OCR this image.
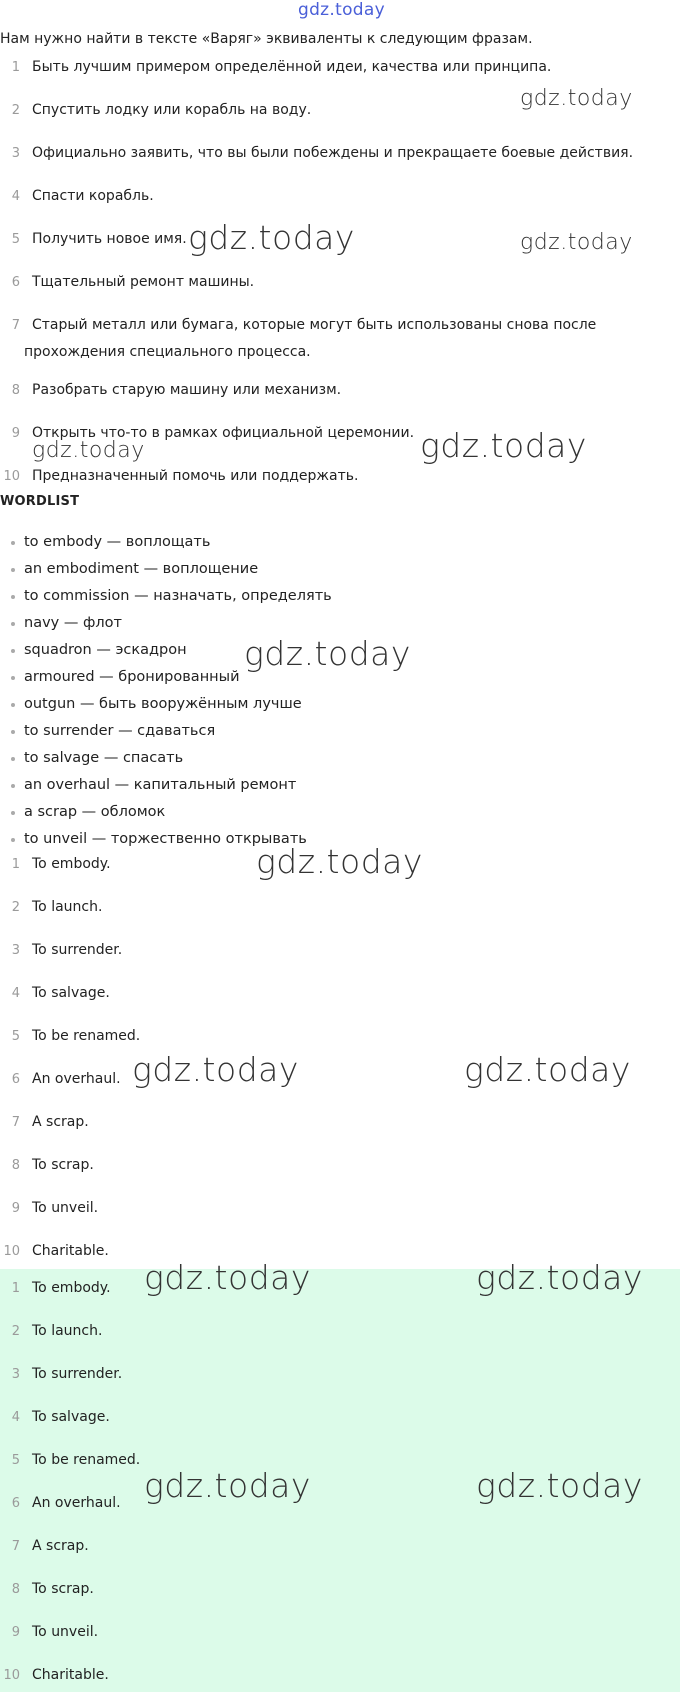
gdz.today
Нам нужно найти в тексте «Варяг» эквиваленты к следующим фразам.
1 Быть лучшим примером определённой идеи, качества или принципа.
2 Спустить лодку или корабль на воду.
3 Официально заявить, что вы были побеждены и прекращаете боевые действия.
4 Спасти корабль.
5 Получить новое имя.
6 Тщательный ремонт машины.
7 Старый металл или бумага, которые могут быть использованы снова после
прохождения специального процесса.
8 Разобрать старую машину или механизм.
9 Открыть что-то в рамках официальной церемонии.
10 Предназначенный помочь или поддержать.
WORDLIST
to embody — воплощать
an embodiment — воплощение
to commission — назначать, определять
navy — флот
squadron — эскадрон
armoured — бронированный
outgun — быть вооружённым лучше
to surrender — сдаваться
to salvage — спасать
an overhaul — капитальный ремонт
a scrap — обломок
to unveil — торжественно открывать
1 To embody.
2 To launch.
3 To surrender.
4 To salvage.
5 To be renamed.
6 An overhaul.
7 A scrap.
8 To scrap.
9 To unveil.
10 Charitable.
1 To embody.
2 To launch.
3 To surrender.
4 To salvage.
5 To be renamed.
6 An overhaul.
7 A scrap.
8 To scrap.
9 To unveil.
10 Charitable.
gdz.today
gdz.today	gdz.today
gdz.today
gdz.today
gdz.today
gdz.today
gdz.today	gdz.today
gdz.today	gdz.today
gdz.today	gdz.today
